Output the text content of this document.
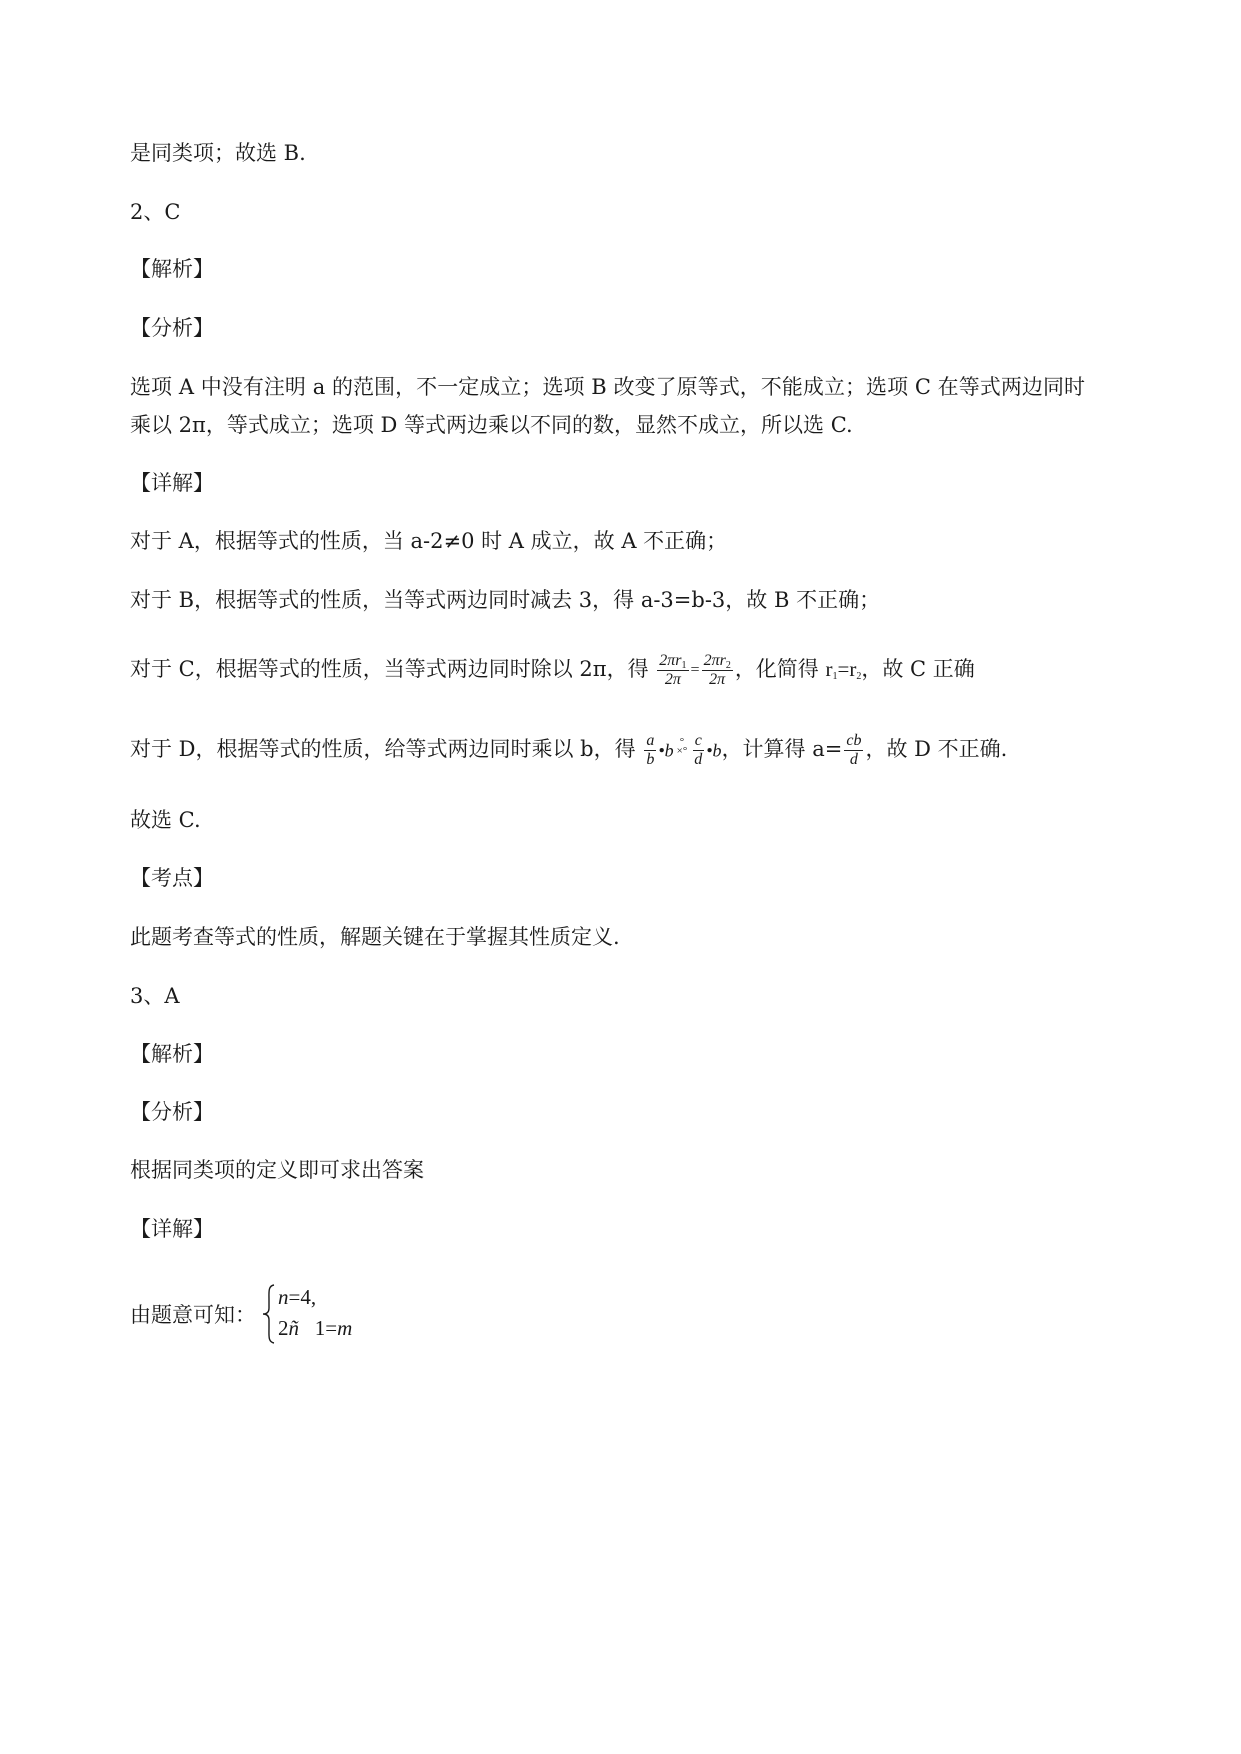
是同类项；故选 B.
2、C
【解析】
【分析】
选项 A 中没有注明 a 的范围，不一定成立；选项 B 改变了原等式，不能成立；选项 C 在等式两边同时
乘以 2π，等式成立；选项 D 等式两边乘以不同的数，显然不成立，所以选 C.
【详解】
对于 A，根据等式的性质，当 a-2≠0 时 A 成立，故 A 不正确；
对于 B，根据等式的性质，当等式两边同时减去 3，得 a-3=b-3，故 B 不正确；
对于 C，根据等式的性质，当等式两边同时除以 2π，得 $\frac{2\pi r_1}{2\pi} = \frac{2\pi r_2}{2\pi}$ ，化简得 $r_1=r_2$，故 C 正确
对于 D，根据等式的性质，给等式两边同时乘以 b，得 $\frac{a}{b}$ •b °
×° $\frac{c}{d}$ •b，计算得 $a= \frac{cb}{d}$ ，故 D 不正确.
故选 C.
【考点】
此题考查等式的性质，解题关键在于掌握其性质定义.
3、A
【解析】
【分析】
根据同类项的定义即可求出答案
【详解】
由题意可知：
n=4,
2ñ 1=m
